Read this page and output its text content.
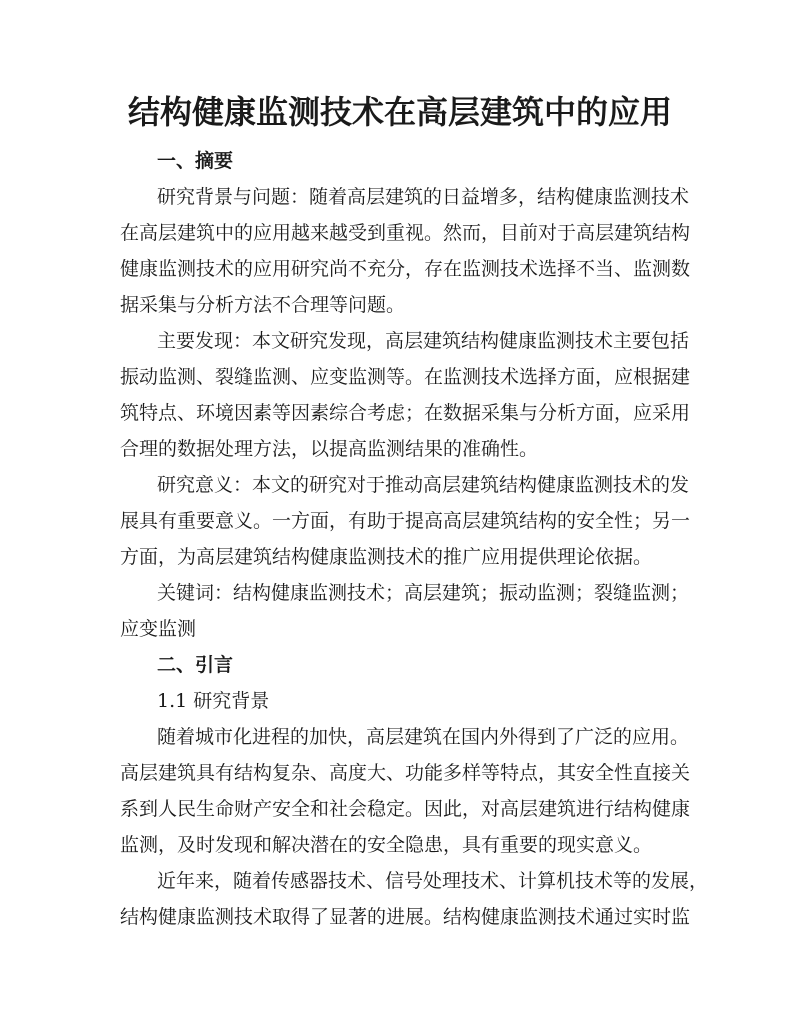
结构健康监测技术在高层建筑中的应用

一、摘要

研究背景与问题：随着高层建筑的日益增多，结构健康监测技术

在高层建筑中的应用越来越受到重视。然而，目前对于高层建筑结构

健康监测技术的应用研究尚不充分，存在监测技术选择不当、监测数

据采集与分析方法不合理等问题。

主要发现：本文研究发现，高层建筑结构健康监测技术主要包括

振动监测、裂缝监测、应变监测等。在监测技术选择方面，应根据建

筑特点、环境因素等因素综合考虑；在数据采集与分析方面，应采用

合理的数据处理方法，以提高监测结果的准确性。

研究意义：本文的研究对于推动高层建筑结构健康监测技术的发

展具有重要意义。一方面，有助于提高高层建筑结构的安全性；另一

方面，为高层建筑结构健康监测技术的推广应用提供理论依据。

关键词：结构健康监测技术；高层建筑；振动监测；裂缝监测；

应变监测

二、引言

1.1 研究背景

随着城市化进程的加快，高层建筑在国内外得到了广泛的应用。

高层建筑具有结构复杂、高度大、功能多样等特点，其安全性直接关

系到人民生命财产安全和社会稳定。因此，对高层建筑进行结构健康

监测，及时发现和解决潜在的安全隐患，具有重要的现实意义。

近年来，随着传感器技术、信号处理技术、计算机技术等的发展，

结构健康监测技术取得了显著的进展。结构健康监测技术通过实时监
